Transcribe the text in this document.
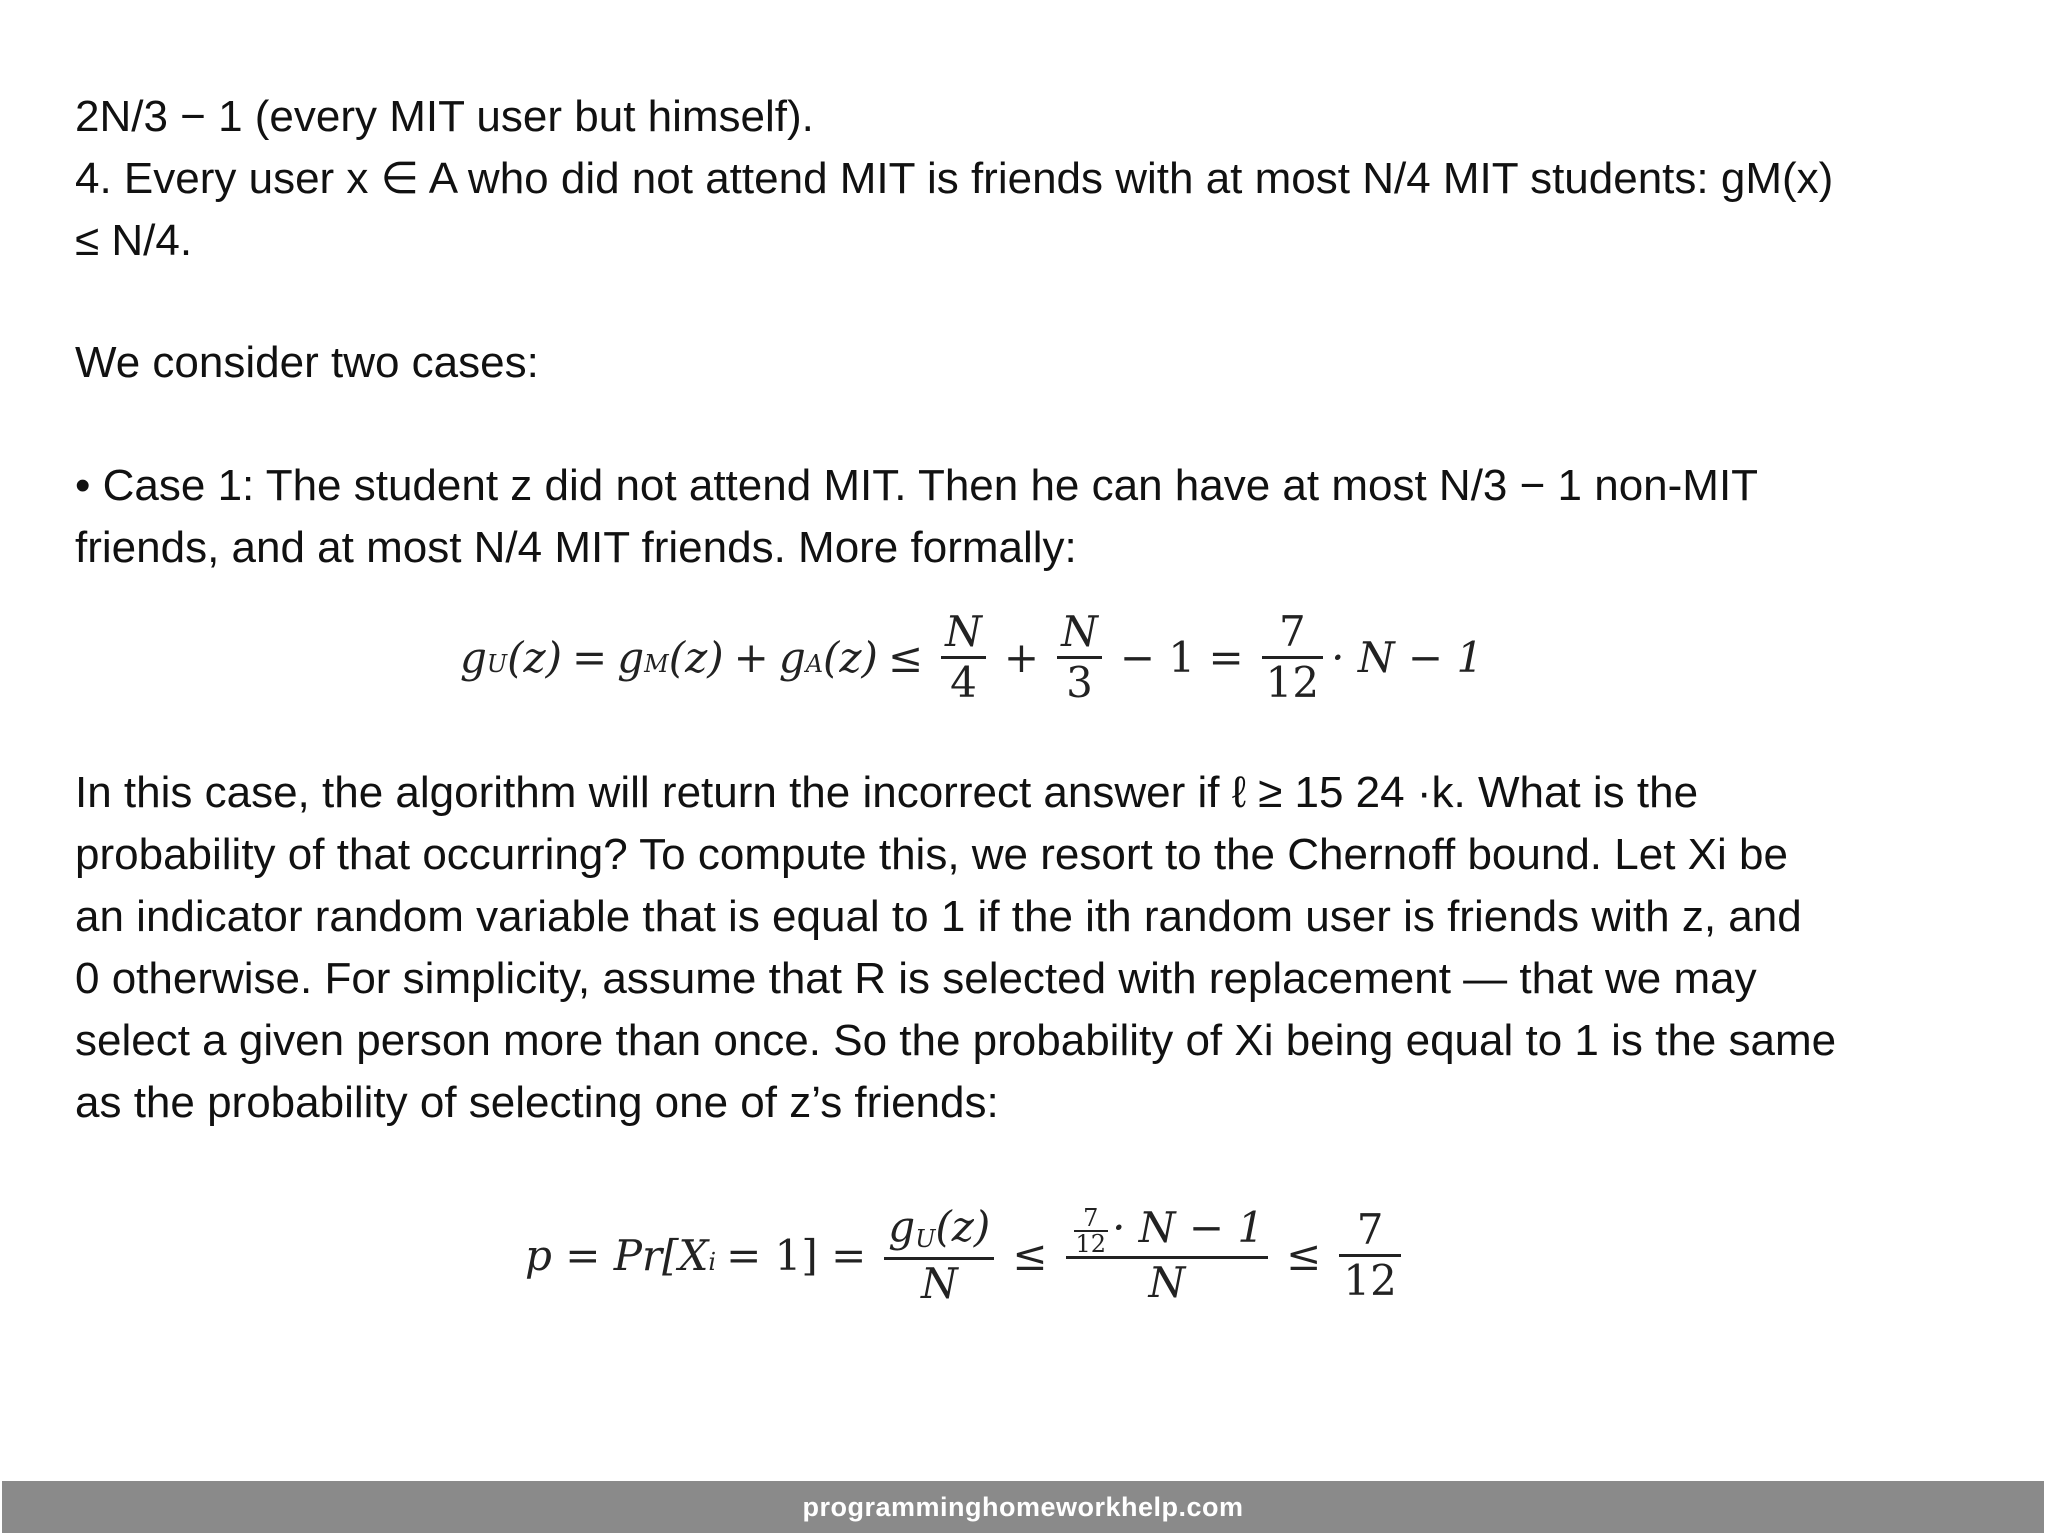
2N/3 − 1 (every MIT user but himself).

4. Every user x ∈ A who did not attend MIT is friends with at most N/4 MIT students: gM(x)

≤ N/4.

We consider two cases:

• Case 1: The student z did not attend MIT. Then he can have at most N/3 − 1 non-MIT

friends, and at most N/4 MIT friends. More formally:

$g_U$ $(z) = g_M$ $(z) + g_A$ $(z) \le \frac{N}{4} + \frac{N}{3} - 1 = \frac{7}{12} \cdot N - 1$

In this case, the algorithm will return the incorrect answer if ℓ ≥ 15 24 ·k. What is the

probability of that occurring? To compute this, we resort to the Chernoff bound. Let Xi be

an indicator random variable that is equal to 1 if the ith random user is friends with z, and

0 otherwise. For simplicity, assume that R is selected with replacement — that we may

select a given person more than once. So the probability of Xi being equal to 1 is the same

as the probability of selecting one of z’s friends:

$p = Pr[X_i = 1] = \frac{g_U(z)}{N} \le \frac{\frac{7}{12} \cdot N - 1}{N} \le \frac{7}{12}$
programminghomeworkhelp.com
